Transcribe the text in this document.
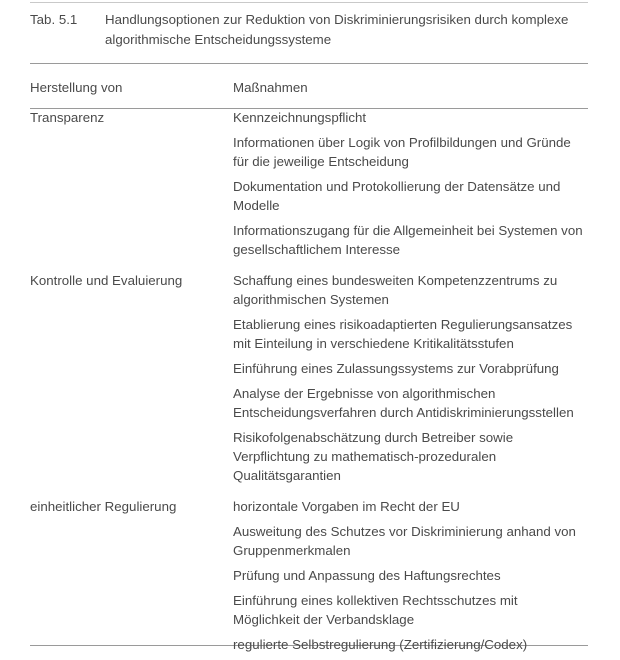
Tab. 5.1	Handlungsoptionen zur Reduktion von Diskriminierungsrisiken durch komplexe algorithmische Entscheidungssysteme
Herstellung von	Maßnahmen

Transparenz	Kennzeichnungspflicht
Informationen über Logik von Profilbildungen und Gründe für die jeweilige Entscheidung
Dokumentation und Protokollierung der Datensätze und Modelle
Informationszugang für die Allgemeinheit bei Systemen von gesellschaftlichem Interesse

Kontrolle und Evaluierung	Schaffung eines bundesweiten Kompetenzzentrums zu algorithmischen Systemen
Etablierung eines risikoadaptierten Regulierungsansatzes mit Einteilung in verschiedene Kritikalitätsstufen
Einführung eines Zulassungssystems zur Vorabprüfung
Analyse der Ergebnisse von algorithmischen Entscheidungsverfahren durch Antidiskriminierungsstellen
Risikofolgenabschätzung durch Betreiber sowie Verpflichtung zu mathematisch-prozeduralen Qualitätsgarantien

einheitlicher Regulierung	horizontale Vorgaben im Recht der EU
Ausweitung des Schutzes vor Diskriminierung anhand von Gruppenmerkmalen
Prüfung und Anpassung des Haftungsrechtes
Einführung eines kollektiven Rechtsschutzes mit Möglichkeit der Verbandsklage
regulierte Selbstregulierung (Zertifizierung/Codex)
